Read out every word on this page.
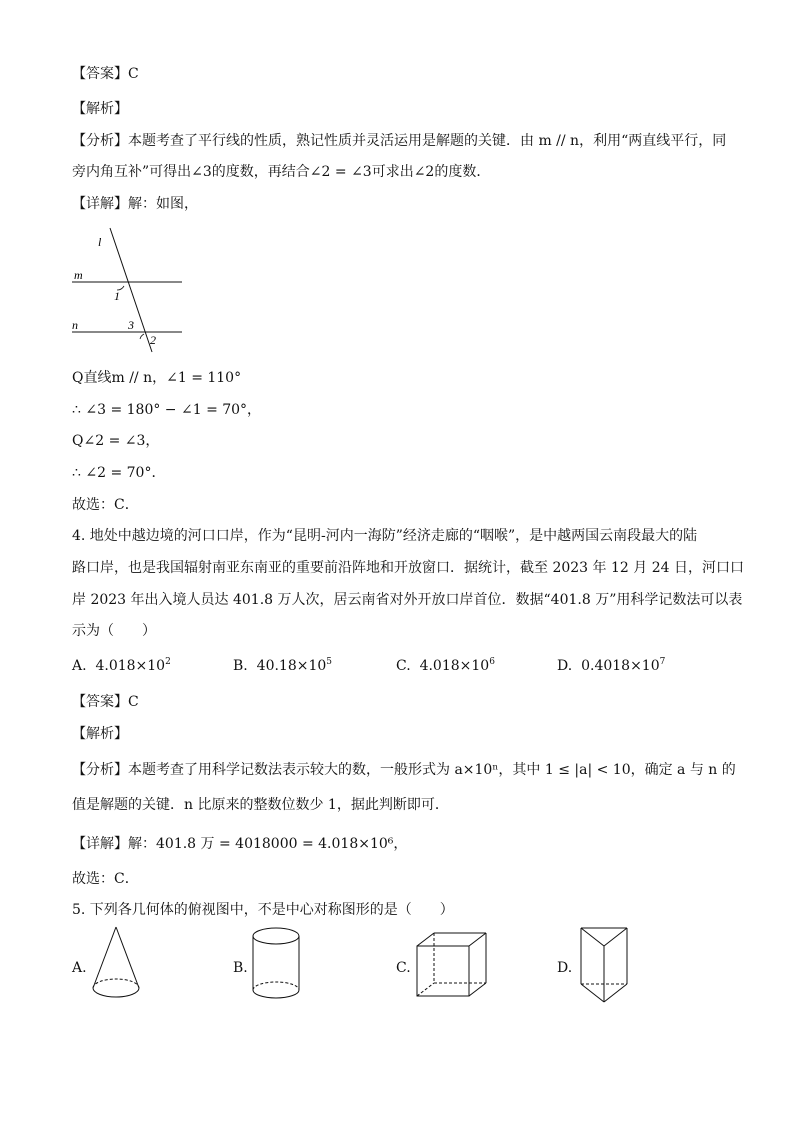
【答案】C
【解析】
【分析】本题考查了平行线的性质，熟记性质并灵活运用是解题的关键．由 m // n，利用“两直线平行，同
旁内角互补”可得出∠3的度数，再结合∠2 = ∠3可求出∠2的度数．
【详解】解：如图，
l
m
n
1
3
2
Q直线m // n，∠1 = 110°
∴ ∠3 = 180° − ∠1 = 70°，
Q∠2 = ∠3，
∴ ∠2 = 70°．
故选：C．
4. 地处中越边境的河口口岸，作为“昆明-河内一海防”经济走廊的“咽喉”，是中越两国云南段最大的陆
路口岸，也是我国辐射南亚东南亚的重要前沿阵地和开放窗口．据统计，截至 2023 年 12 月 24 日，河口口
岸 2023 年出入境人员达 401.8 万人次，居云南省对外开放口岸首位．数据“401.8 万”用科学记数法可以表
示为（　　）
A. $4.018\times 10^2$	B. $40.18\times 10^5$	C. $4.018\times 10^6$	D. $0.4018\times 10^7$
【答案】C
【解析】
【分析】本题考查了用科学记数法表示较大的数，一般形式为 a×10ⁿ，其中 1 ≤ |a| < 10，确定 a 与 n 的
值是解题的关键．n 比原来的整数位数少 1，据此判断即可．
【详解】解：401.8 万 = 4018000 = 4.018×10⁶，
故选：C．
5. 下列各几何体的俯视图中，不是中心对称图形的是（　　）
A.	B.	C.	D.
